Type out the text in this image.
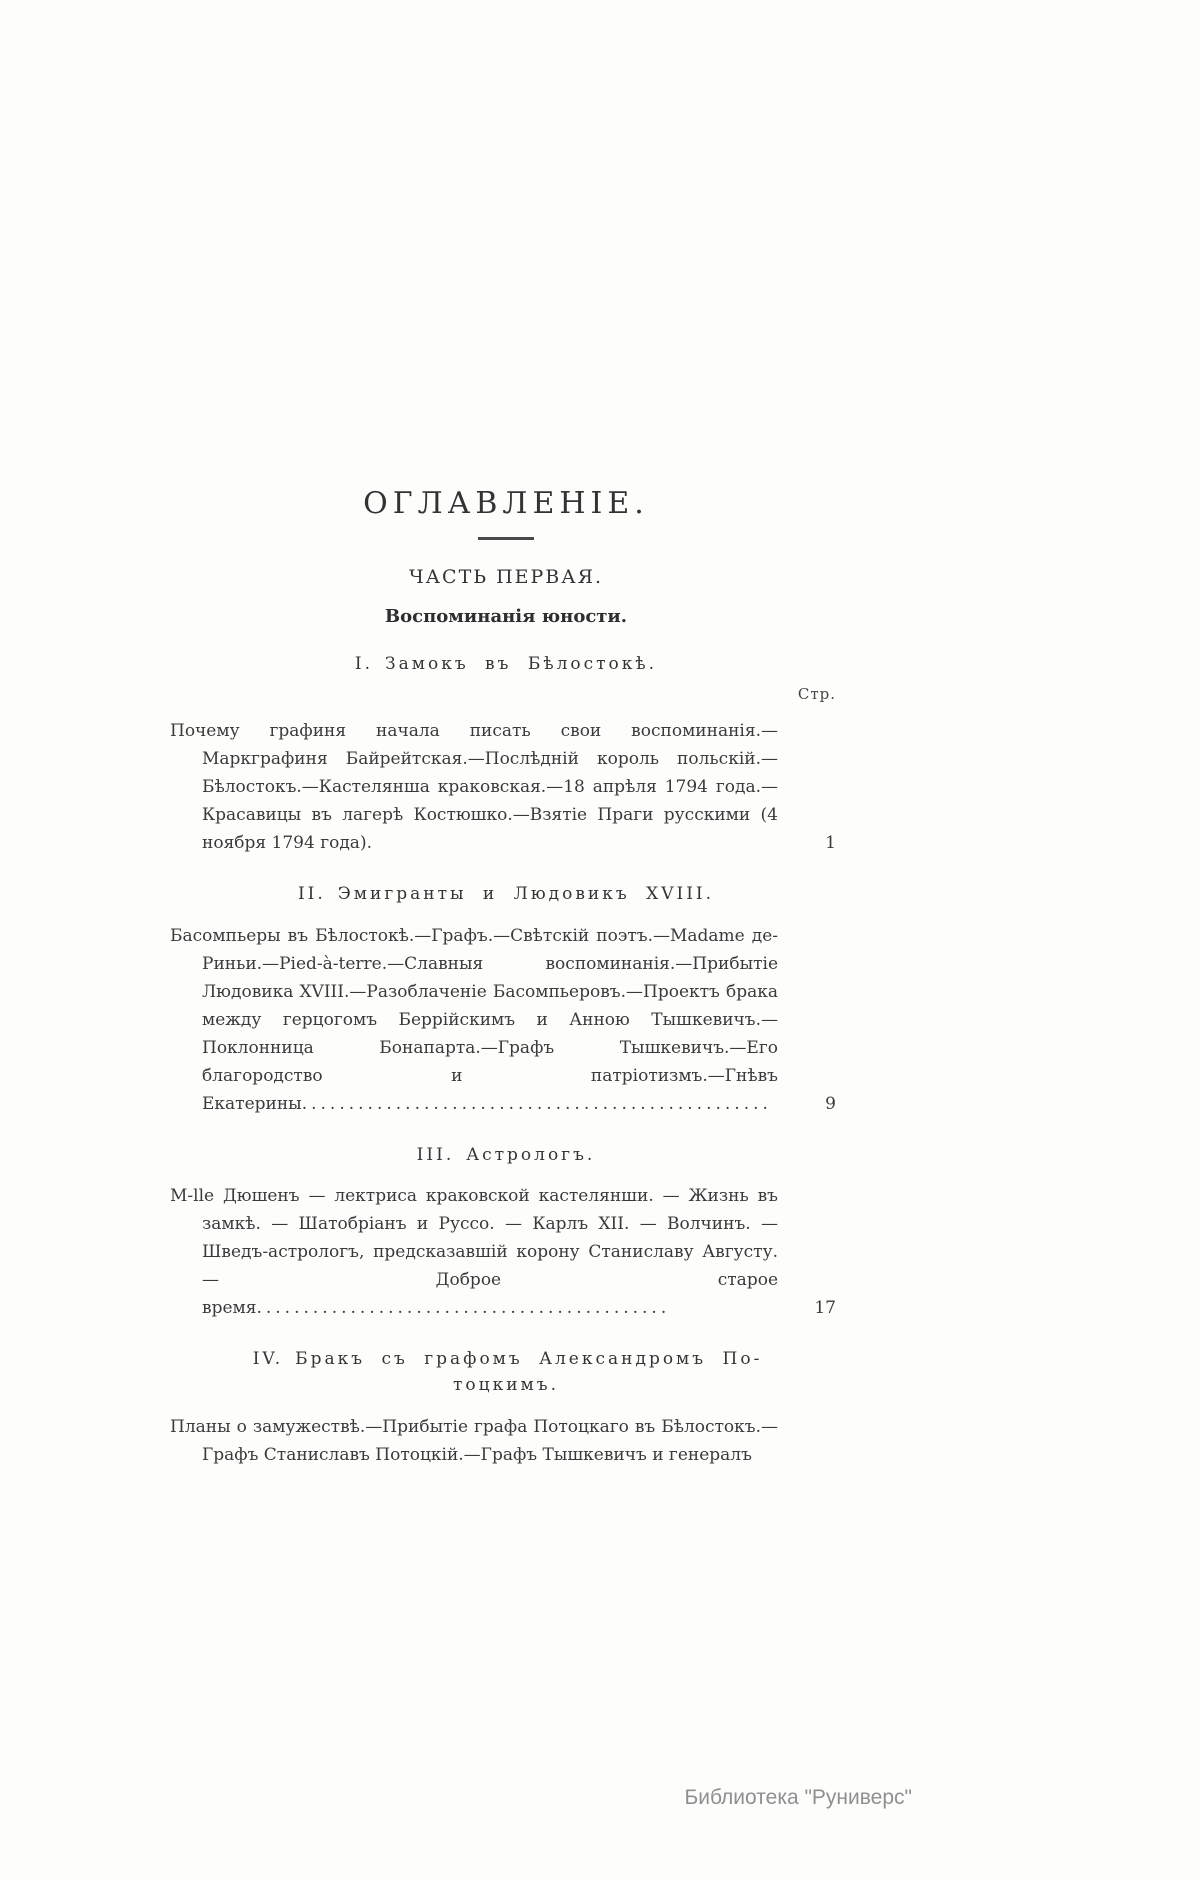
ОГЛАВЛЕНІЕ.
ЧАСТЬ ПЕРВАЯ.
Воспоминанія юности.
I. Замокъ въ Бѣлостокѣ.
Стр.

Почему графиня начала писать свои воспоминанія.—Маркграфиня Байрейтская.—Послѣдній король польскій.—Бѣлостокъ.—Кастелянша краковская.—18 апрѣля 1794 года.—Красавицы въ лагерѣ Костюшко.—Взятіе Праги русскими (4 ноября 1794 года).	1

II. Эмигранты и Людовикъ XVIII.

Басомпьеры въ Бѣлостокѣ.—Графъ.—Свѣтскій поэтъ.—Madame де-Риньи.—Pied-à-terre.—Славныя воспоминанія.—Прибытіе Людовика XVIII.—Разоблаченіе Басомпьеровъ.—Проектъ брака между герцогомъ Беррійскимъ и Анною Тышкевичъ.—Поклонница Бонапарта.—Графъ Тышкевичъ.—Его благородство и патріотизмъ.—Гнѣвъ Екатерины..................................................	9

III. Астрологъ.

M-lle Дюшенъ — лектриса краковской кастелянши. — Жизнь въ замкѣ. — Шатобріанъ и Руссо. — Карлъ XII. — Волчинъ. — Шведъ-астрологъ, предсказавшій корону Станиславу Августу.— Доброе старое время............................................	17

IV. Бракъ съ графомъ Александромъ Потоцкимъ.

Планы о замужествѣ.—Прибытіе графа Потоцкаго въ Бѣлостокъ.— Графъ Станиславъ Потоцкій.—Графъ Тышкевичъ и генералъ

Библиотека "Руниверс"
